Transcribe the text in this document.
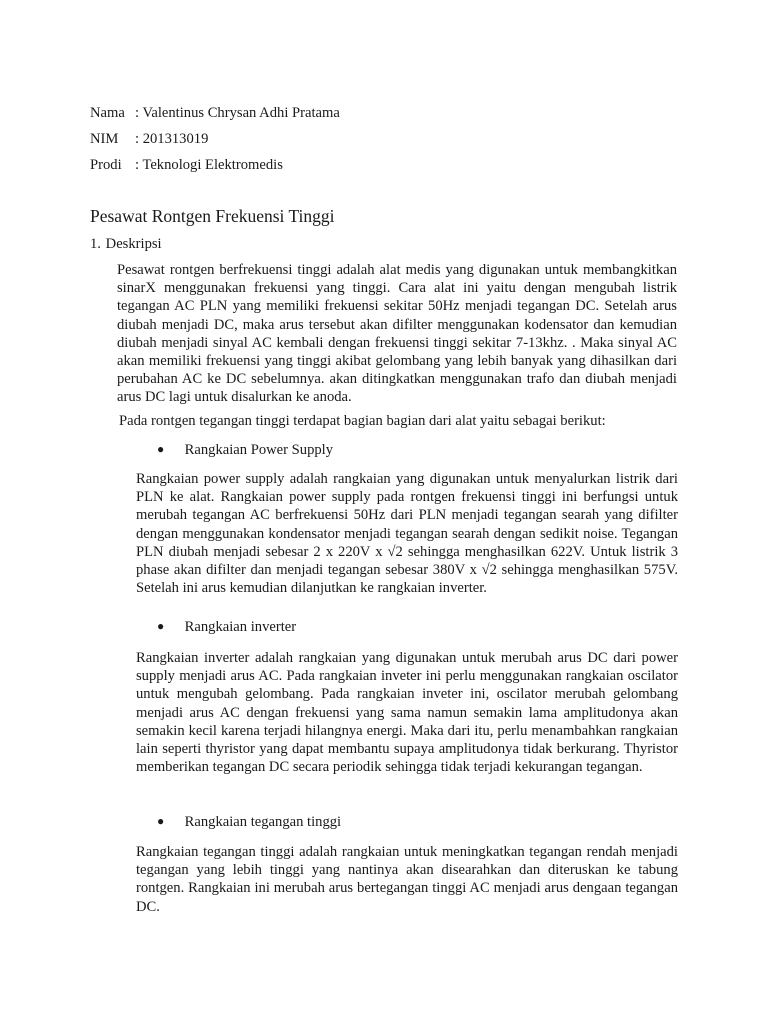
Nama : Valentinus Chrysan Adhi Pratama
NIM	: 201313019
Prodi : Teknologi Elektromedis
Pesawat Rontgen Frekuensi Tinggi
1. Deskripsi

Pesawat rontgen berfrekuensi tinggi adalah alat medis yang digunakan untuk membangkitkan sinarX menggunakan frekuensi yang tinggi. Cara alat ini yaitu dengan mengubah listrik tegangan AC PLN yang memiliki frekuensi sekitar 50Hz menjadi tegangan DC. Setelah arus diubah menjadi DC, maka arus tersebut akan difilter menggunakan kodensator dan kemudian diubah menjadi sinyal AC kembali dengan frekuensi tinggi sekitar 7-13khz. . Maka sinyal AC akan memiliki frekuensi yang tinggi akibat gelombang yang lebih banyak yang dihasilkan dari perubahan AC ke DC sebelumnya. akan ditingkatkan menggunakan trafo dan diubah menjadi arus DC lagi untuk disalurkan ke anoda.

Pada rontgen tegangan tinggi terdapat bagian bagian dari alat yaitu sebagai berikut:

● Rangkaian Power Supply

Rangkaian power supply adalah rangkaian yang digunakan untuk menyalurkan listrik dari PLN ke alat. Rangkaian power supply pada rontgen frekuensi tinggi ini berfungsi untuk merubah tegangan AC berfrekuensi 50Hz dari PLN menjadi tegangan searah yang difilter dengan menggunakan kondensator menjadi tegangan searah dengan sedikit noise. Tegangan PLN diubah menjadi sebesar 2 x 220V x √2 sehingga menghasilkan 622V. Untuk listrik 3 phase akan difilter dan menjadi tegangan sebesar 380V x √2 sehingga menghasilkan 575V. Setelah ini arus kemudian dilanjutkan ke rangkaian inverter.

● Rangkaian inverter

Rangkaian inverter adalah rangkaian yang digunakan untuk merubah arus DC dari power supply menjadi arus AC. Pada rangkaian inveter ini perlu menggunakan rangkaian oscilator untuk mengubah gelombang. Pada rangkaian inveter ini, oscilator merubah gelombang menjadi arus AC dengan frekuensi yang sama namun semakin lama amplitudonya akan semakin kecil karena terjadi hilangnya energi. Maka dari itu, perlu menambahkan rangkaian lain seperti thyristor yang dapat membantu supaya amplitudonya tidak berkurang. Thyristor memberikan tegangan DC secara periodik sehingga tidak terjadi kekurangan tegangan.

● Rangkaian tegangan tinggi

Rangkaian tegangan tinggi adalah rangkaian untuk meningkatkan tegangan rendah menjadi tegangan yang lebih tinggi yang nantinya akan disearahkan dan diteruskan ke tabung rontgen. Rangkaian ini merubah arus bertegangan tinggi AC menjadi arus dengaan tegangan DC.
